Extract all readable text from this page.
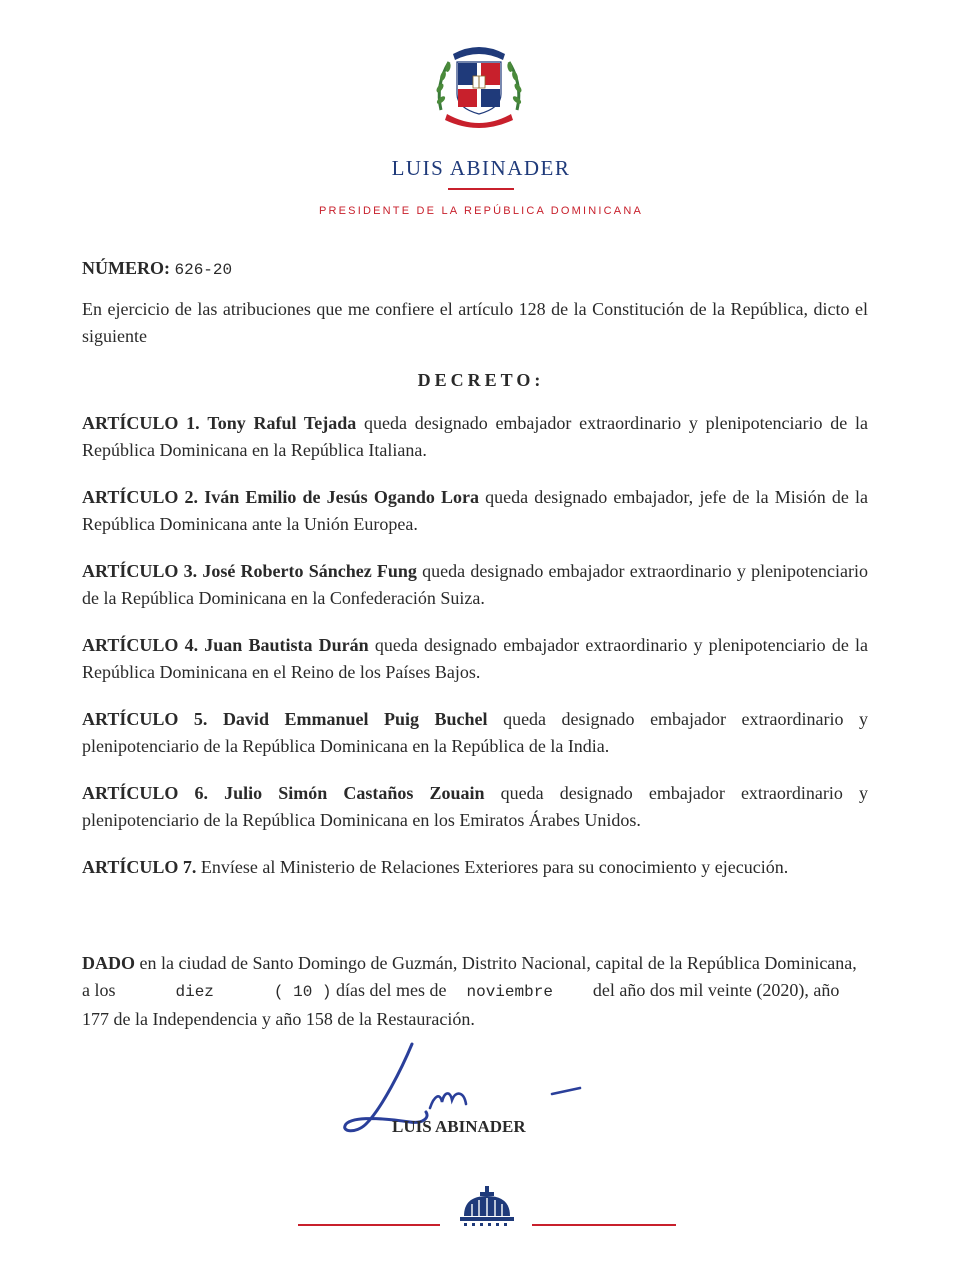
LUIS ABINADER
PRESIDENTE DE LA REPÚBLICA DOMINICANA
NÚMERO: 626-20
En ejercicio de las atribuciones que me confiere el artículo 128 de la Constitución de la República, dicto el siguiente
DECRETO:
ARTÍCULO 1. Tony Raful Tejada queda designado embajador extraordinario y plenipotenciario de la República Dominicana en la República Italiana.
ARTÍCULO 2. Iván Emilio de Jesús Ogando Lora queda designado embajador, jefe de la Misión de la República Dominicana ante la Unión Europea.
ARTÍCULO 3. José Roberto Sánchez Fung queda designado embajador extraordinario y plenipotenciario de la República Dominicana en la Confederación Suiza.
ARTÍCULO 4. Juan Bautista Durán queda designado embajador extraordinario y plenipotenciario de la República Dominicana en el Reino de los Países Bajos.
ARTÍCULO 5. David Emmanuel Puig Buchel queda designado embajador extraordinario y plenipotenciario de la República Dominicana en la República de la India.
ARTÍCULO 6. Julio Simón Castaños Zouain queda designado embajador extraordinario y plenipotenciario de la República Dominicana en los Emiratos Árabes Unidos.
ARTÍCULO 7. Envíese al Ministerio de Relaciones Exteriores para su conocimiento y ejecución.
DADO en la ciudad de Santo Domingo de Guzmán, Distrito Nacional, capital de la República Dominicana, a los	diez	( 10 ) días del mes de noviembre del año dos mil veinte (2020), año 177 de la Independencia y año 158 de la Restauración.
LUIS ABINADER
